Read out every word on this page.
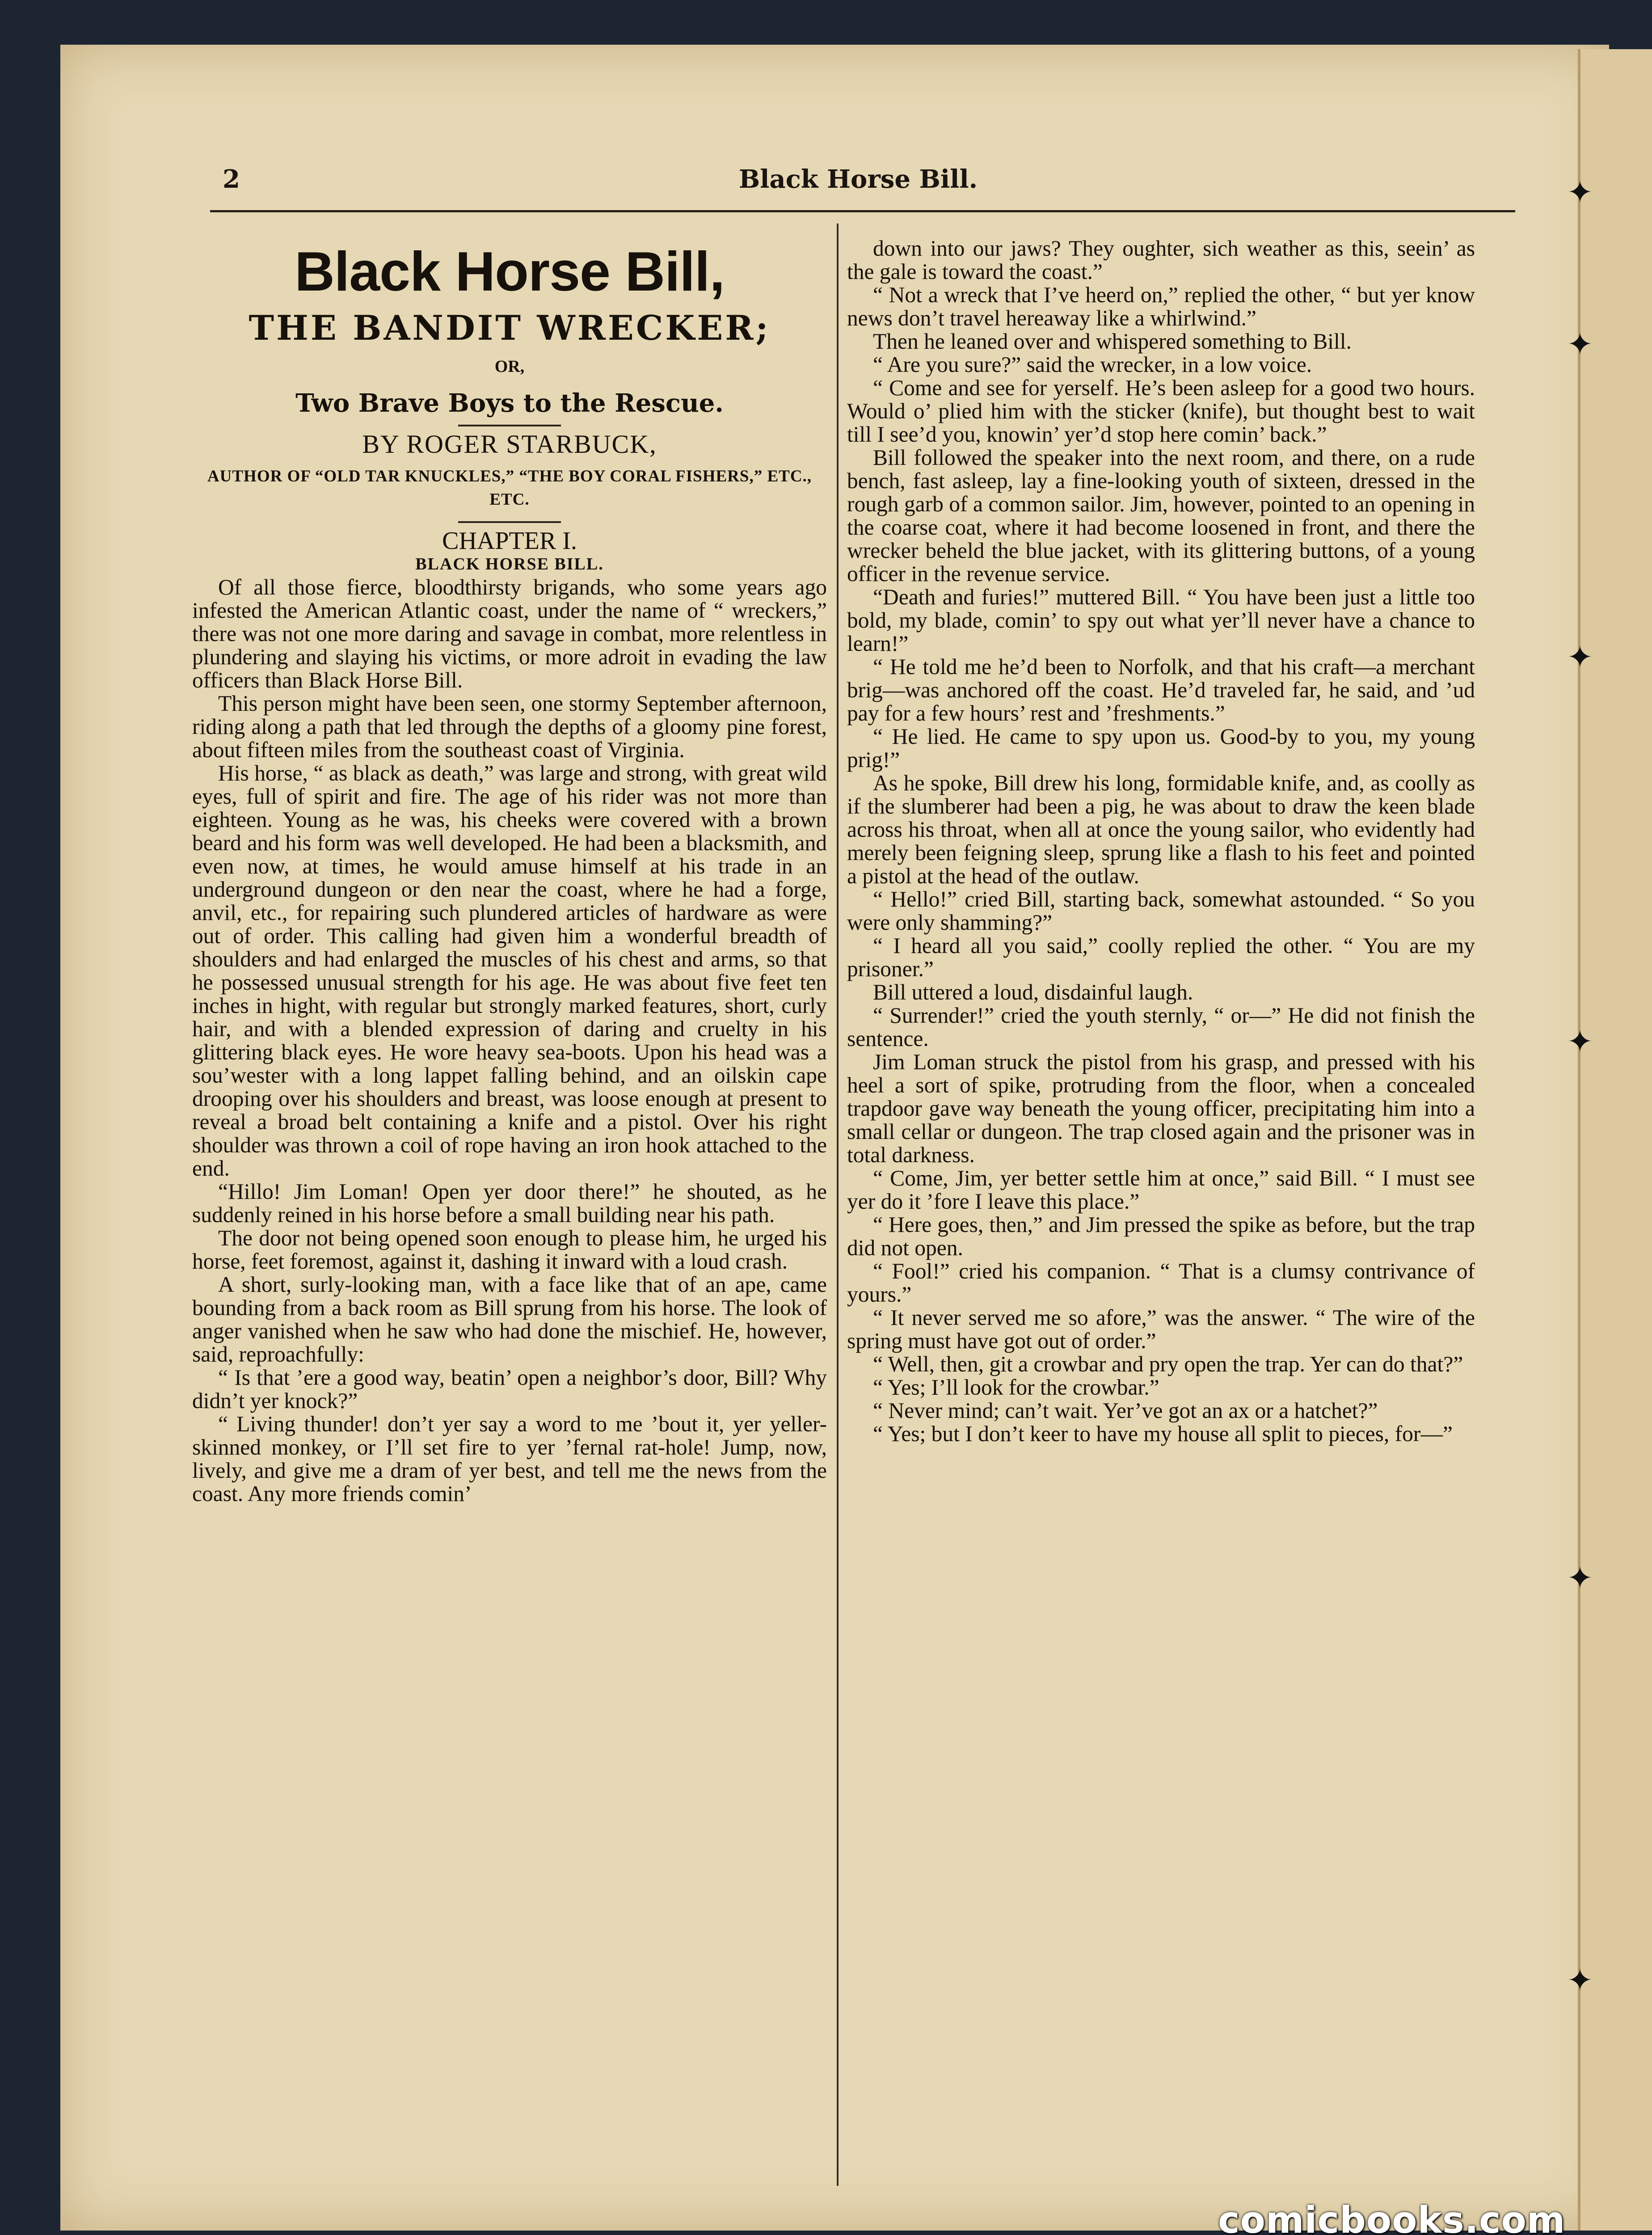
✦
✦
✦
✦
✦
✦
2	Black Horse Bill.
Black Horse Bill,
THE BANDIT WRECKER;
OR,
Two Brave Boys to the Rescue.
BY ROGER STARBUCK,
AUTHOR OF “OLD TAR KNUCKLES,” “THE BOY CORAL FISHERS,” ETC., ETC.
CHAPTER I.
BLACK HORSE BILL.

Of all those fierce, bloodthirsty brigands, who some years ago infested the American Atlantic coast, under the name of “ wreckers,” there was not one more daring and savage in combat, more relentless in plundering and slaying his victims, or more adroit in evading the law officers than Black Horse Bill.

This person might have been seen, one stormy September afternoon, riding along a path that led through the depths of a gloomy pine forest, about fifteen miles from the southeast coast of Virginia.

His horse, “ as black as death,” was large and strong, with great wild eyes, full of spirit and fire. The age of his rider was not more than eighteen. Young as he was, his cheeks were covered with a brown beard and his form was well developed. He had been a blacksmith, and even now, at times, he would amuse himself at his trade in an underground dungeon or den near the coast, where he had a forge, anvil, etc., for repairing such plundered articles of hardware as were out of order. This calling had given him a wonderful breadth of shoulders and had enlarged the muscles of his chest and arms, so that he possessed unusual strength for his age. He was about five feet ten inches in hight, with regular but strongly marked features, short, curly hair, and with a blended expression of daring and cruelty in his glittering black eyes. He wore heavy sea-boots. Upon his head was a sou’wester with a long lappet falling behind, and an oilskin cape drooping over his shoulders and breast, was loose enough at present to reveal a broad belt containing a knife and a pistol. Over his right shoulder was thrown a coil of rope having an iron hook attached to the end.

“Hillo! Jim Loman! Open yer door there!” he shouted, as he suddenly reined in his horse before a small building near his path.

The door not being opened soon enough to please him, he urged his horse, feet foremost, against it, dashing it inward with a loud crash.

A short, surly-looking man, with a face like that of an ape, came bounding from a back room as Bill sprung from his horse. The look of anger vanished when he saw who had done the mischief. He, however, said, reproachfully:

“ Is that ’ere a good way, beatin’ open a neighbor’s door, Bill? Why didn’t yer knock?”

“ Living thunder! don’t yer say a word to me ’bout it, yer yeller-skinned monkey, or I’ll set fire to yer ’fernal rat-hole! Jump, now, lively, and give me a dram of yer best, and tell me the news from the coast. Any more friends comin’

down into our jaws? They oughter, sich weather as this, seein’ as the gale is toward the coast.”

“ Not a wreck that I’ve heerd on,” replied the other, “ but yer know news don’t travel hereaway like a whirlwind.”

Then he leaned over and whispered something to Bill.

“ Are you sure?” said the wrecker, in a low voice.

“ Come and see for yerself. He’s been asleep for a good two hours. Would o’ plied him with the sticker (knife), but thought best to wait till I see’d you, knowin’ yer’d stop here comin’ back.”

Bill followed the speaker into the next room, and there, on a rude bench, fast asleep, lay a fine-looking youth of sixteen, dressed in the rough garb of a common sailor. Jim, however, pointed to an opening in the coarse coat, where it had become loosened in front, and there the wrecker beheld the blue jacket, with its glittering buttons, of a young officer in the revenue service.

“Death and furies!” muttered Bill. “ You have been just a little too bold, my blade, comin’ to spy out what yer’ll never have a chance to learn!”

“ He told me he’d been to Norfolk, and that his craft—a merchant brig—was anchored off the coast. He’d traveled far, he said, and ’ud pay for a few hours’ rest and ’freshments.”

“ He lied. He came to spy upon us. Good-by to you, my young prig!”

As he spoke, Bill drew his long, formidable knife, and, as coolly as if the slumberer had been a pig, he was about to draw the keen blade across his throat, when all at once the young sailor, who evidently had merely been feigning sleep, sprung like a flash to his feet and pointed a pistol at the head of the outlaw.

“ Hello!” cried Bill, starting back, somewhat astounded. “ So you were only shamming?”

“ I heard all you said,” coolly replied the other. “ You are my prisoner.”

Bill uttered a loud, disdainful laugh.

“ Surrender!” cried the youth sternly, “ or—” He did not finish the sentence.

Jim Loman struck the pistol from his grasp, and pressed with his heel a sort of spike, protruding from the floor, when a concealed trapdoor gave way beneath the young officer, precipitating him into a small cellar or dungeon. The trap closed again and the prisoner was in total darkness.

“ Come, Jim, yer better settle him at once,” said Bill. “ I must see yer do it ’fore I leave this place.”

“ Here goes, then,” and Jim pressed the spike as before, but the trap did not open.

“ Fool!” cried his companion. “ That is a clumsy contrivance of yours.”

“ It never served me so afore,” was the answer. “ The wire of the spring must have got out of order.”

“ Well, then, git a crowbar and pry open the trap. Yer can do that?”

“ Yes; I’ll look for the crowbar.”

“ Never mind; can’t wait. Yer’ve got an ax or a hatchet?”

“ Yes; but I don’t keer to have my house all split to pieces, for—”

comicbooks.com
